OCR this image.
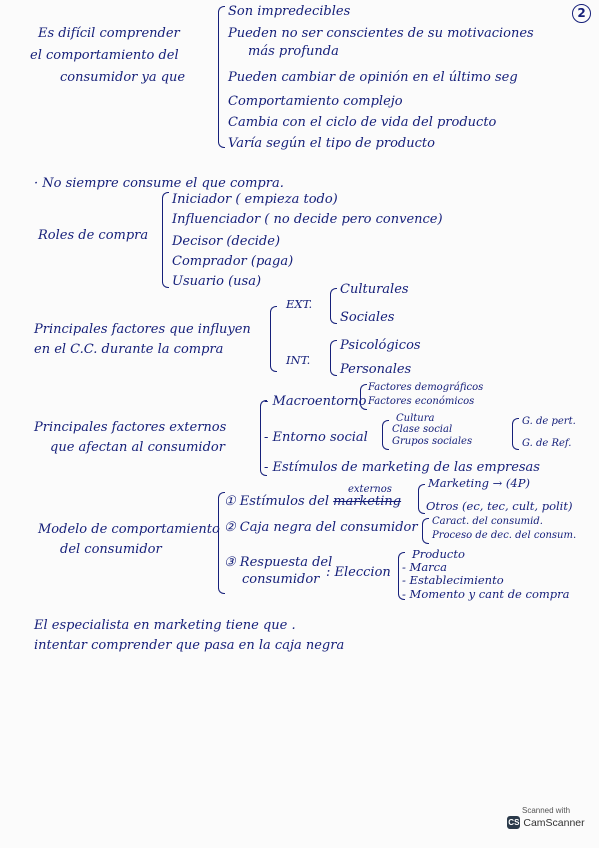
2
Es difícil comprender
el comportamiento del
consumidor ya que
Son impredecibles
Pueden no ser conscientes de su motivaciones
más profunda
Pueden cambiar de opinión en el último seg
Comportamiento complejo
Cambia con el ciclo de vida del producto
Varía según el tipo de producto
· No siempre consume el que compra.
Roles de compra
Iniciador ( empieza todo)
Influenciador ( no decide pero convence)
Decisor (decide)
Comprador (paga)
Usuario (usa)
Principales factores que influyen
en el C.C. durante la compra
EXT.
Culturales
Sociales
INT.
Psicológicos
Personales
Principales factores externos
que afectan al consumidor
- Macroentorno
Factores demográficos
Factores económicos
- Entorno social
Cultura
Clase social
Grupos sociales
G. de pert.
G. de Ref.
- Estímulos de marketing de las empresas
Modelo de comportamiento
del consumidor
① Estímulos del marketing
externos	Marketing → (4P)
Otros (ec, tec, cult, polit)
② Caja negra del consumidor Caract. del consumid.
Proceso de dec. del consum.
③ Respuesta del
consumidor : Eleccion
Producto
- Marca
- Establecimiento
- Momento y cant de compra
El especialista en marketing tiene que .
intentar comprender que pasa en la caja negra
Scanned with
CS CamScanner
